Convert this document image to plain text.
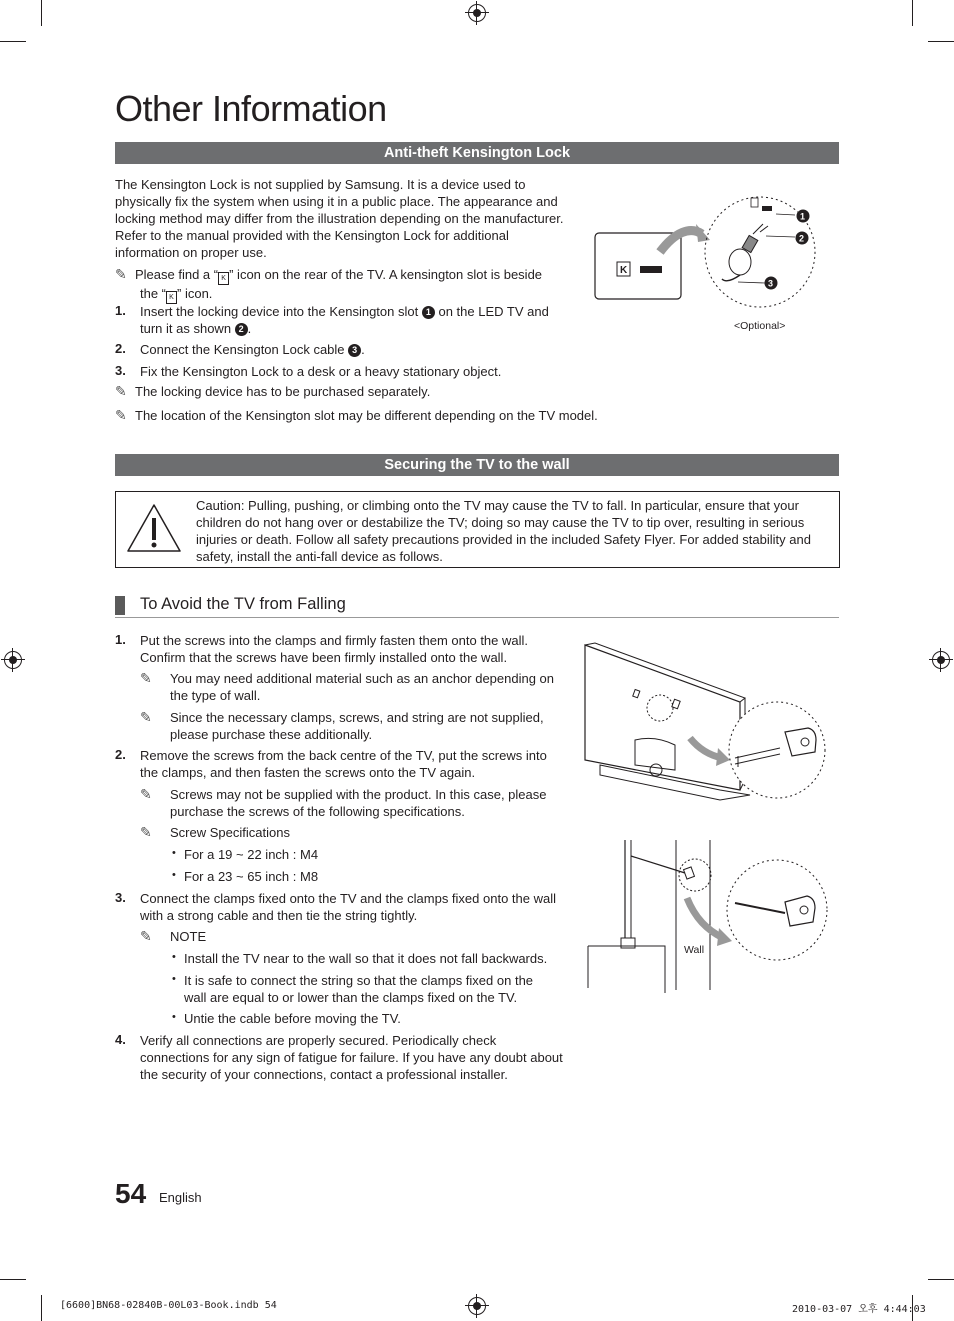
Other Information
Anti-theft Kensington Lock
The Kensington Lock is not supplied by Samsung. It is a device used to
physically fix the system when using it in a public place. The appearance and
locking method may differ from the illustration depending on the manufacturer.
Refer to the manual provided with the Kensington Lock for additional
information on proper use.
✎ Please find a “ K ” icon on the rear of the TV. A kensington slot is beside
the “ K ” icon.
1. Insert the locking device into the Kensington slot 1 on the LED TV and
turn it as shown 2 .
2. Connect the Kensington Lock cable 3 .
3. Fix the Kensington Lock to a desk or a heavy stationary object.
✎ The locking device has to be purchased separately.
✎ The location of the Kensington slot may be different depending on the TV model.
K
1
2
3
<Optional>
Securing the TV to the wall
Caution: Pulling, pushing, or climbing onto the TV may cause the TV to fall. In particular, ensure that your
children do not hang over or destabilize the TV; doing so may cause the TV to tip over, resulting in serious
injuries or death. Follow all safety precautions provided in the included Safety Flyer. For added stability and
safety, install the anti-fall device as follows.
To Avoid the TV from Falling
1. Put the screws into the clamps and firmly fasten them onto the wall.
Confirm that the screws have been firmly installed onto the wall.
✎	You may need additional material such as an anchor depending on
the type of wall.
✎	Since the necessary clamps, screws, and string are not supplied,
please purchase these additionally.
2. Remove the screws from the back centre of the TV, put the screws into
the clamps, and then fasten the screws onto the TV again.
✎	Screws may not be supplied with the product. In this case, please
purchase the screws of the following specifications.
✎	Screw Specifications
• For a 19 ~ 22 inch : M4
• For a 23 ~ 65 inch : M8
3. Connect the clamps fixed onto the TV and the clamps fixed onto the wall
with a strong cable and then tie the string tightly.
✎	NOTE
• Install the TV near to the wall so that it does not fall backwards.
• It is safe to connect the string so that the clamps fixed on the
wall are equal to or lower than the clamps fixed on the TV.
• Untie the cable before moving the TV.
4. Verify all connections are properly secured. Periodically check
connections for any sign of fatigue for failure. If you have any doubt about
the security of your connections, contact a professional installer.
Wall
54 English
[6600]BN68-02840B-00L03-Book.indb 54	2010-03-07 오후 4:44:03
